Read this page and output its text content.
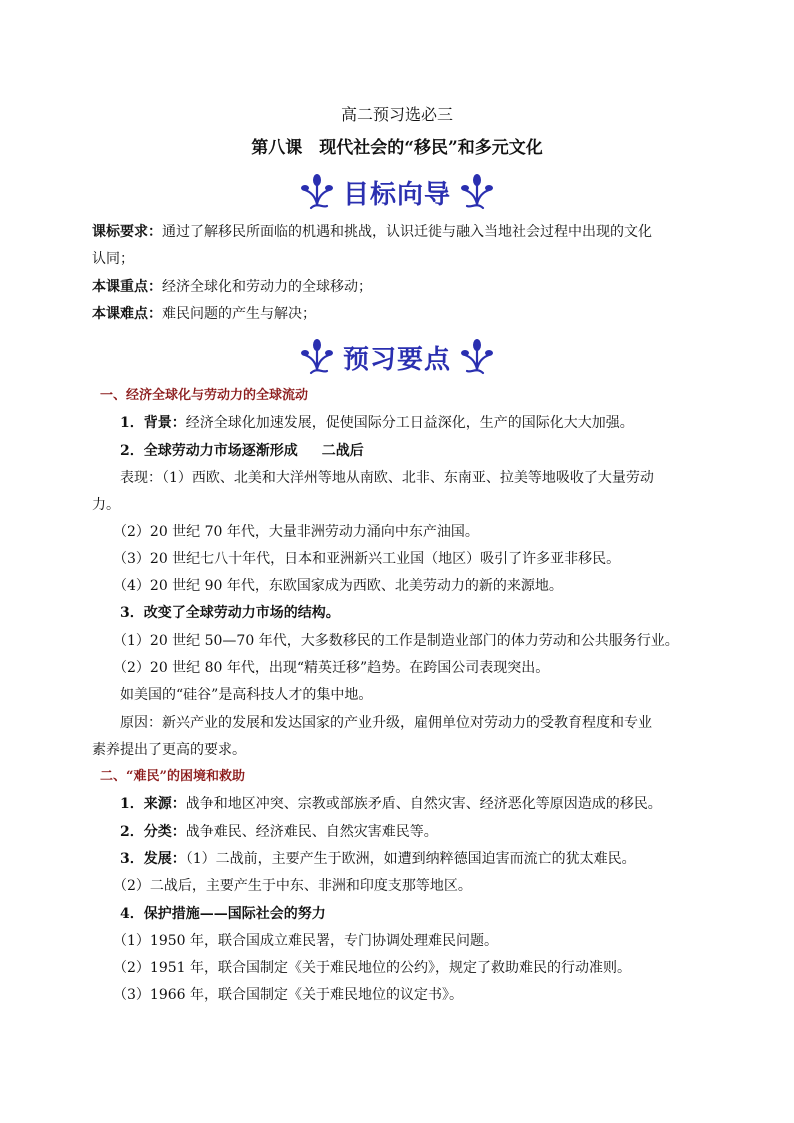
高二预习选必三
第八课　现代社会的“移民”和多元文化
目标向导
课标要求：通过了解移民所面临的机遇和挑战，认识迁徙与融入当地社会过程中出现的文化
认同；
本课重点：经济全球化和劳动力的全球移动；
本课难点：难民问题的产生与解决；
预习要点
一、经济全球化与劳动力的全球流动
1．背景：经济全球化加速发展，促使国际分工日益深化，生产的国际化大大加强。
2．全球劳动力市场逐渐形成 二战后
表现：（1）西欧、北美和大洋州等地从南欧、北非、东南亚、拉美等地吸收了大量劳动
力。
（2）20 世纪 70 年代，大量非洲劳动力涌向中东产油国。
（3）20 世纪七八十年代，日本和亚洲新兴工业国（地区）吸引了许多亚非移民。
（4）20 世纪 90 年代，东欧国家成为西欧、北美劳动力的新的来源地。
3．改变了全球劳动力市场的结构。
（1）20 世纪 50—70 年代，大多数移民的工作是制造业部门的体力劳动和公共服务行业。
（2）20 世纪 80 年代，出现“精英迁移”趋势。在跨国公司表现突出。
如美国的“硅谷”是高科技人才的集中地。
原因：新兴产业的发展和发达国家的产业升级，雇佣单位对劳动力的受教育程度和专业
素养提出了更高的要求。
二、“难民”的困境和救助
1．来源：战争和地区冲突、宗教或部族矛盾、自然灾害、经济恶化等原因造成的移民。
2．分类：战争难民、经济难民、自然灾害难民等。
3．发展：（1）二战前，主要产生于欧洲，如遭到纳粹德国迫害而流亡的犹太难民。
（2）二战后，主要产生于中东、非洲和印度支那等地区。
4．保护措施——国际社会的努力
（1）1950 年，联合国成立难民署，专门协调处理难民问题。
（2）1951 年，联合国制定《关于难民地位的公约》，规定了救助难民的行动准则。
（3）1966 年，联合国制定《关于难民地位的议定书》。
